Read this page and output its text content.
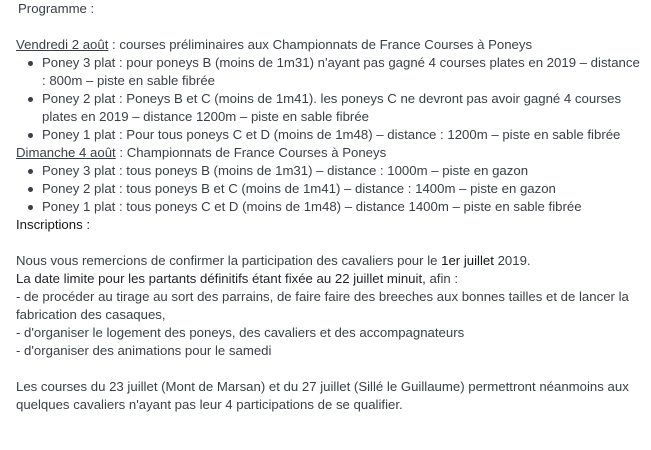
Programme :

Vendredi 2 août : courses préliminaires aux Championnats de France Courses à Poneys

Poney 3 plat : pour poneys B (moins de 1m31) n'ayant pas gagné 4 courses plates en 2019 – distance : 800m – piste en sable fibrée
Poney 2 plat : Poneys B et C (moins de 1m41). les poneys C ne devront pas avoir gagné 4 courses plates en 2019 – distance 1200m – piste en sable fibrée
Poney 1 plat : Pour tous poneys C et D (moins de 1m48) – distance : 1200m – piste en sable fibrée

Dimanche 4 août : Championnats de France Courses à Poneys

Poney 3 plat : tous poneys B (moins de 1m31) – distance : 1000m – piste en gazon
Poney 2 plat : tous poneys B et C (moins de 1m41) – distance : 1400m – piste en gazon
Poney 1 plat : tous poneys C et D (moins de 1m48) – distance 1400m – piste en sable fibrée

Inscriptions :

Nous vous remercions de confirmer la participation des cavaliers pour le 1er juillet 2019.

La date limite pour les partants définitifs étant fixée au 22 juillet minuit, afin :

- de procéder au tirage au sort des parrains, de faire faire des breeches aux bonnes tailles et de lancer la fabrication des casaques,

- d'organiser le logement des poneys, des cavaliers et des accompagnateurs

- d'organiser des animations pour le samedi

Les courses du 23 juillet (Mont de Marsan) et du 27 juillet (Sillé le Guillaume) permettront néanmoins aux quelques cavaliers n'ayant pas leur 4 participations de se qualifier.
